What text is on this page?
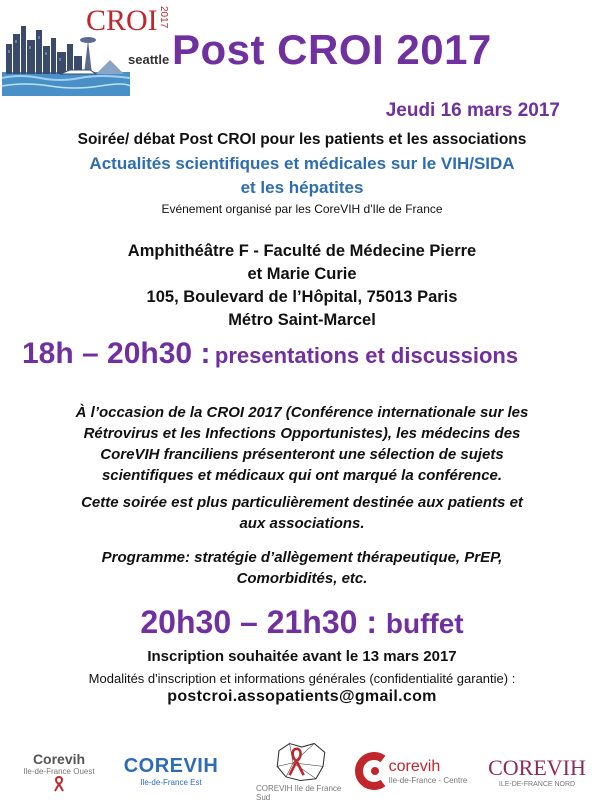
CROI 2017
seattle Post CROI 2017
Jeudi 16 mars 2017
Soirée/ débat Post CROI pour les patients et les associations
Actualités scientifiques et médicales sur le VIH/SIDA
et les hépatites
Evénement organisé par les CoreVIH d'Ile de France
Amphithéâtre F - Faculté de Médecine Pierre
et Marie Curie
105, Boulevard de l’Hôpital, 75013 Paris
Métro Saint-Marcel
18h – 20h30 : presentations et discussions
À l’occasion de la CROI 2017 (Conférence internationale sur les
Rétrovirus et les Infections Opportunistes), les médecins des
CoreVIH franciliens présenteront une sélection de sujets
scientifiques et médicaux qui ont marqué la conférence.
Cette soirée est plus particulièrement destinée aux patients et
aux associations.
Programme: stratégie d’allègement thérapeutique, PrEP,
Comorbidités, etc.
20h30 – 21h30 : buffet
Inscription souhaitée avant le 13 mars 2017
Modalités d'inscription et informations générales (confidentialité garantie) :
postcroi.assopatients@gmail.com
Corevih
Ile-de-France Ouest COREVIH
Ile-de-France Est
COREVIH Ile de France Sud
corevih
Ile-de-France - Centre
COREVIH
ILE-DE-FRANCE NORD
